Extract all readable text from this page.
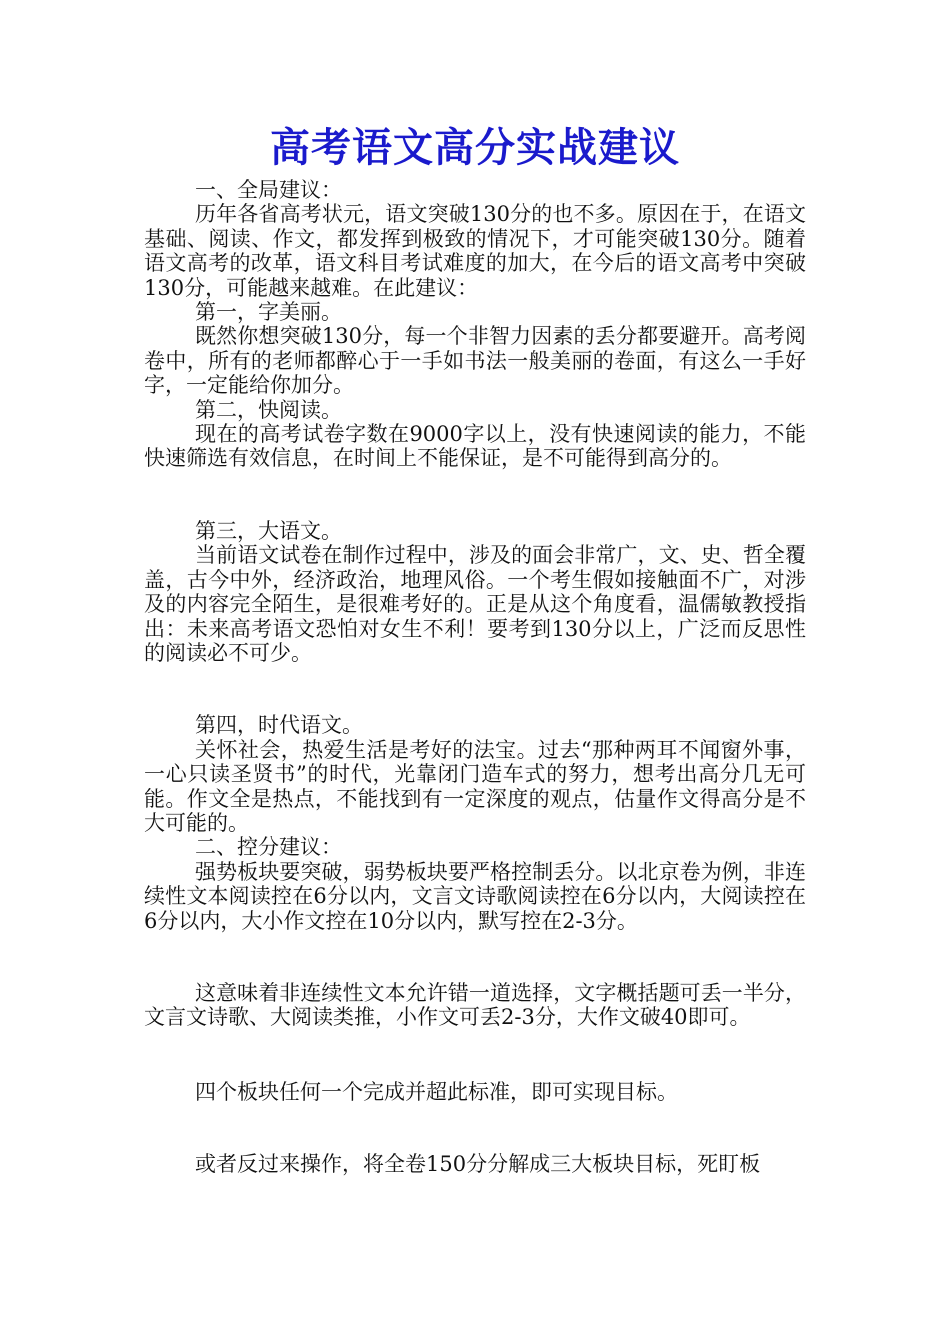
高考语文高分实战建议

一、全局建议：

历年各省高考状元，语文突破130分的也不多。原因在于，在语文基础、阅读、作文，都发挥到极致的情况下，才可能突破130分。随着语文高考的改革，语文科目考试难度的加大，在今后的语文高考中突破130分，可能越来越难。在此建议：

第一，字美丽。

既然你想突破130分，每一个非智力因素的丢分都要避开。高考阅卷中，所有的老师都醉心于一手如书法一般美丽的卷面，有这么一手好字，一定能给你加分。

第二，快阅读。

现在的高考试卷字数在9000字以上，没有快速阅读的能力，不能快速筛选有效信息，在时间上不能保证，是不可能得到高分的。

第三，大语文。

当前语文试卷在制作过程中，涉及的面会非常广，文、史、哲全覆盖，古今中外，经济政治，地理风俗。一个考生假如接触面不广，对涉及的内容完全陌生，是很难考好的。正是从这个角度看，温儒敏教授指出：未来高考语文恐怕对女生不利！要考到130分以上，广泛而反思性的阅读必不可少。

第四，时代语文。

关怀社会，热爱生活是考好的法宝。过去“那种两耳不闻窗外事，一心只读圣贤书”的时代，光靠闭门造车式的努力，想考出高分几无可能。作文全是热点，不能找到有一定深度的观点，估量作文得高分是不大可能的。

二、控分建议：

强势板块要突破，弱势板块要严格控制丢分。以北京卷为例，非连续性文本阅读控在6分以内，文言文诗歌阅读控在6分以内，大阅读控在6分以内，大小作文控在10分以内，默写控在2-3分。

这意味着非连续性文本允许错一道选择，文字概括题可丢一半分，文言文诗歌、大阅读类推，小作文可丢2-3分，大作文破40即可。

四个板块任何一个完成并超此标准，即可实现目标。

或者反过来操作，将全卷150分分解成三大板块目标，死盯板
